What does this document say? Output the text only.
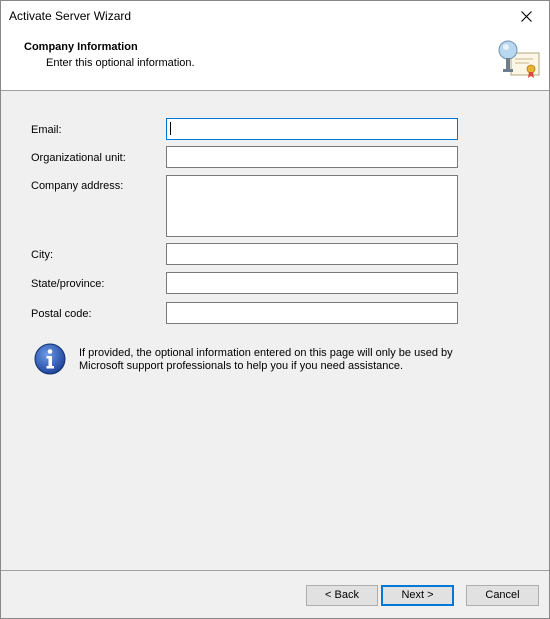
Activate Server Wizard
Company Information
Enter this optional information.
Email:
Organizational unit:
Company address:
City:
State/province:
Postal code:
If provided, the optional information entered on this page will only be used by
Microsoft support professionals to help you if you need assistance.
< Back	Next >	Cancel
